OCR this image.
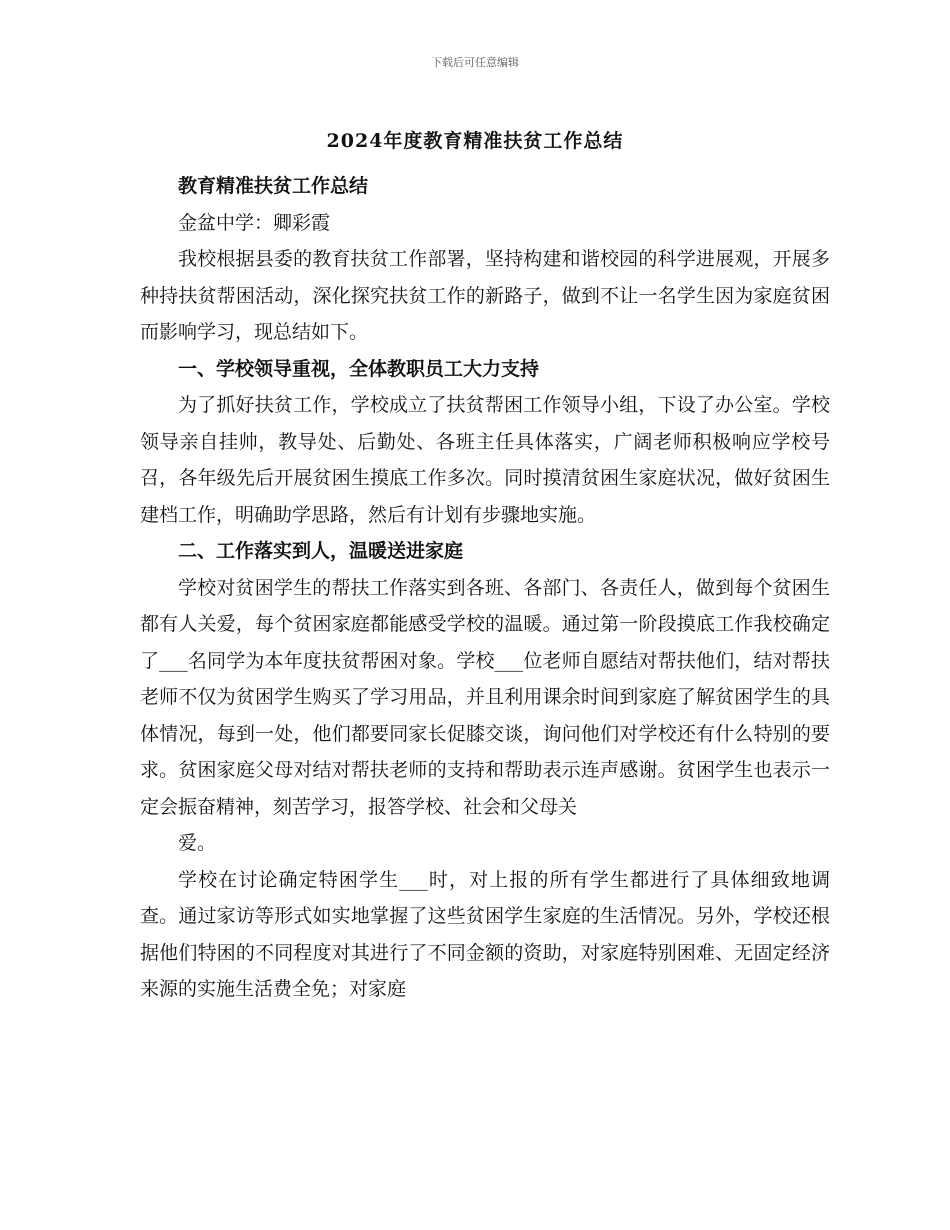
下载后可任意编辑
2024年度教育精准扶贫工作总结

教育精准扶贫工作总结

金盆中学：卿彩霞

我校根据县委的教育扶贫工作部署，坚持构建和谐校园的科学进展观，开展多种持扶贫帮困活动，深化探究扶贫工作的新路子，做到不让一名学生因为家庭贫困而影响学习，现总结如下。

一、学校领导重视，全体教职员工大力支持

为了抓好扶贫工作，学校成立了扶贫帮困工作领导小组，下设了办公室。学校领导亲自挂帅，教导处、后勤处、各班主任具体落实，广阔老师积极响应学校号召，各年级先后开展贫困生摸底工作多次。同时摸清贫困生家庭状况，做好贫困生建档工作，明确助学思路，然后有计划有步骤地实施。

二、工作落实到人，温暖送进家庭

学校对贫困学生的帮扶工作落实到各班、各部门、各责任人，做到每个贫困生都有人关爱，每个贫困家庭都能感受学校的温暖。通过第一阶段摸底工作我校确定了___名同学为本年度扶贫帮困对象。学校___位老师自愿结对帮扶他们，结对帮扶老师不仅为贫困学生购买了学习用品，并且利用课余时间到家庭了解贫困学生的具体情况，每到一处，他们都要同家长促膝交谈，询问他们对学校还有什么特别的要求。贫困家庭父母对结对帮扶老师的支持和帮助表示连声感谢。贫困学生也表示一定会振奋精神，刻苦学习，报答学校、社会和父母关

爱。

学校在讨论确定特困学生___时，对上报的所有学生都进行了具体细致地调查。通过家访等形式如实地掌握了这些贫困学生家庭的生活情况。另外，学校还根据他们特困的不同程度对其进行了不同金额的资助，对家庭特别困难、无固定经济来源的实施生活费全免；对家庭
